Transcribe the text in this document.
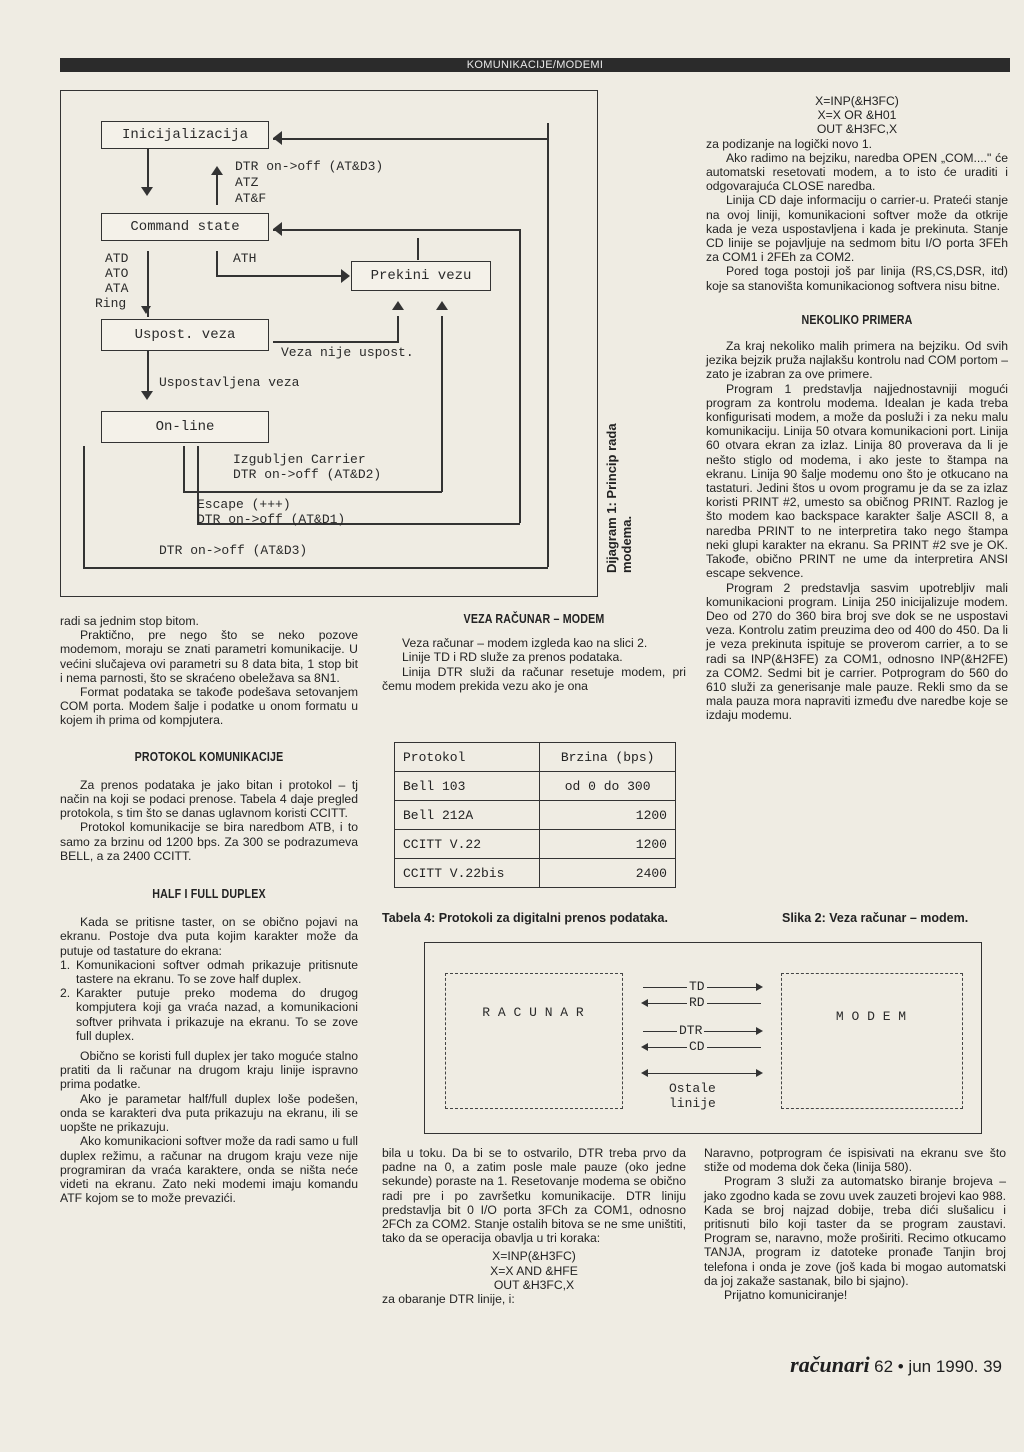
KOMUNIKACIJE/MODEMI
Inicijalizacija
Command state
Prekini vezu
Uspost. veza
On-line
DTR on->off (AT&D3)
ATZ
AT&F
ATD
ATO
ATA
Ring
ATH
Veza nije uspost.
Uspostavljena veza
Izgubljen Carrier
DTR on->off (AT&D2)
Escape (+++)
DTR on->off (AT&D1)
DTR on->off (AT&D3)	Dijagram 1: Princip rada modema.

X=INP(&H3FC)

X=X OR &H01

OUT &H3FC,X

za podizanje na logički novo 1.

Ako radimo na bejziku, naredba OPEN „COM...." će automatski resetovati modem, a to isto će uraditi i odgovarajuća CLOSE naredba.

Linija CD daje informaciju o carrier-u. Prateći stanje na ovoj liniji, komunikacioni softver može da otkrije kada je veza uspostavljena i kada je prekinuta. Stanje CD linije se pojavljuje na sedmom bitu I/O porta 3FEh za COM1 i 2FEh za COM2.

Pored toga postoji još par linija (RS,CS,DSR, itd) koje sa stanovišta komunikacionog softvera nisu bitne.

NEKOLIKO PRIMERA

Za kraj nekoliko malih primera na bejziku. Od svih jezika bejzik pruža najlakšu kontrolu nad COM portom – zato je izabran za ove primere.

Program 1 predstavlja najjednostavniji mogući program za kontrolu modema. Idealan je kada treba konfigurisati modem, a može da posluži i za neku malu komunikaciju. Linija 50 otvara komunikacioni port. Linija 60 otvara ekran za izlaz. Linija 80 proverava da li je nešto stiglo od modema, i ako jeste to štampa na ekranu. Linija 90 šalje modemu ono što je otkucano na tastaturi. Jedini štos u ovom programu je da se za izlaz koristi PRINT #2, umesto sa običnog PRINT. Razlog je što modem kao backspace karakter šalje ASCII 8, a naredba PRINT to ne interpretira tako nego štampa neki glupi karakter na ekranu. Sa PRINT #2 sve je OK. Takođe, obično PRINT ne ume da interpretira ANSI escape sekvence.

Program 2 predstavlja sasvim upotrebljiv mali komunikacioni program. Linija 250 inicijalizuje modem. Deo od 270 do 360 bira broj sve dok se ne uspostavi veza. Kontrolu zatim preuzima deo od 400 do 450. Da li je veza prekinuta ispituje se proverom carrier, a to se radi sa INP(&H3FE) za COM1, odnosno INP(&H2FE) za COM2. Sedmi bit je carrier. Potprogram do 560 do 610 služi za generisanje male pauze. Rekli smo da se mala pauza mora napraviti između dve naredbe koje se izdaju modemu.

radi sa jednim stop bitom.

Praktično, pre nego što se neko pozove modemom, moraju se znati parametri komunikacije. U većini slučajeva ovi parametri su 8 data bita, 1 stop bit i nema parnosti, što se skraćeno obeležava sa 8N1.

Format podataka se takođe podešava setovanjem COM porta. Modem šalje i podatke u onom formatu u kojem ih prima od kompjutera.

PROTOKOL KOMUNIKACIJE

Za prenos podataka je jako bitan i protokol – tj način na koji se podaci prenose. Tabela 4 daje pregled protokola, s tim što se danas uglavnom koristi CCITT.

Protokol komunikacije se bira naredbom ATB, i to samo za brzinu od 1200 bps. Za 300 se podrazumeva BELL, a za 2400 CCITT.

HALF I FULL DUPLEX

Kada se pritisne taster, on se obično pojavi na ekranu. Postoje dva puta kojim karakter može da putuje od tastature do ekrana:

1. Komunikacioni softver odmah prikazuje pritisnute tastere na ekranu. To se zove half duplex.
2. Karakter putuje preko modema do drugog kompjutera koji ga vraća nazad, a komunikacioni softver prihvata i prikazuje na ekranu. To se zove full duplex.

Obično se koristi full duplex jer tako moguće stalno pratiti da li računar na drugom kraju linije ispravno prima podatke.

Ako je parametar half/full duplex loše podešen, onda se karakteri dva puta prikazuju na ekranu, ili se uopšte ne prikazuju.

Ako komunikacioni softver može da radi samo u full duplex režimu, a računar na drugom kraju veze nije programiran da vraća karaktere, onda se ništa neće videti na ekranu. Zato neki modemi imaju komandu ATF kojom se to može prevazići.

VEZA RAČUNAR – MODEM

Veza računar – modem izgleda kao na slici 2.

Linije TD i RD služe za prenos podataka.

Linija DTR služi da računar resetuje modem, pri čemu modem prekida vezu ako je ona

Protokol	Brzina (bps)
Bell 103	od 0 do 300
Bell 212A	1200
CCITT V.22	1200
CCITT V.22bis	2400
Tabela 4: Protokoli za digitalni prenos podataka.	Slika 2: Veza računar – modem.
R A C U N A R	M O D E M
TD
RD
DTR
CD
Ostale
linije

bila u toku. Da bi se to ostvarilo, DTR treba prvo da padne na 0, a zatim posle male pauze (oko jedne sekunde) poraste na 1. Resetovanje modema se obično radi pre i po završetku komunikacije. DTR liniju predstavlja bit 0 I/O porta 3FCh za COM1, odnosno 2FCh za COM2. Stanje ostalih bitova se ne sme uništiti, tako da se operacija obavlja u tri koraka:

X=INP(&H3FC)

X=X AND &HFE

OUT &H3FC,X

za obaranje DTR linije, i:

Naravno, potprogram će ispisivati na ekranu sve što stiže od modema dok čeka (linija 580).

Program 3 služi za automatsko biranje brojeva – jako zgodno kada se zovu uvek zauzeti brojevi kao 988. Kada se broj najzad dobije, treba dići slušalicu i pritisnuti bilo koji taster da se program zaustavi. Program se, naravno, može proširiti. Recimo otkucamo TANJA, program iz datoteke pronađe Tanjin broj telefona i onda je zove (još kada bi mogao automatski da joj zakaže sastanak, bilo bi sjajno).

Prijatno komuniciranje!

računari 62 • jun 1990. 39
